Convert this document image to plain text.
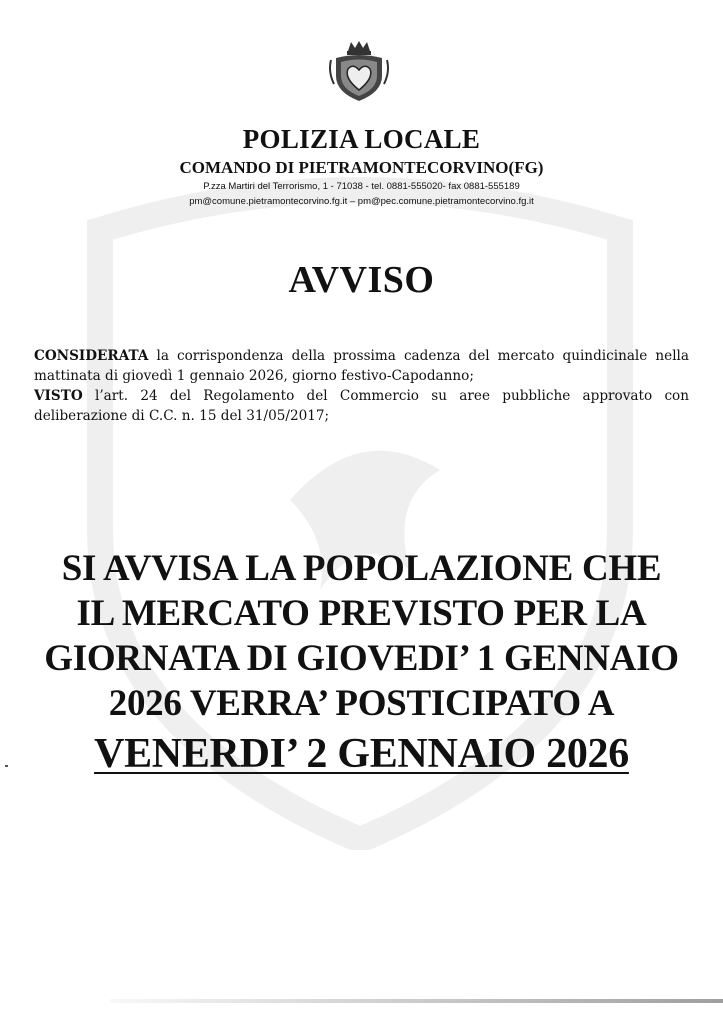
POLIZIA LOCALE
COMANDO DI PIETRAMONTECORVINO(FG)
P.zza Martiri del Terrorismo, 1 - 71038 - tel. 0881-555020- fax 0881-555189
pm@comune.pietramontecorvino.fg.it – pm@pec.comune.pietramontecorvino.fg.it
AVVISO

CONSIDERATA la corrispondenza della prossima cadenza del mercato quindicinale nella mattinata di giovedì 1 gennaio 2026, giorno festivo-Capodanno;

VISTO l’art. 24 del Regolamento del Commercio su aree pubbliche approvato con deliberazione di C.C. n. 15 del 31/05/2017;

SI AVVISA LA POPOLAZIONE CHE
IL MERCATO PREVISTO PER LA
GIORNATA DI GIOVEDI’ 1 GENNAIO
2026 VERRA’ POSTICIPATO A
VENERDI’ 2 GENNAIO 2026
